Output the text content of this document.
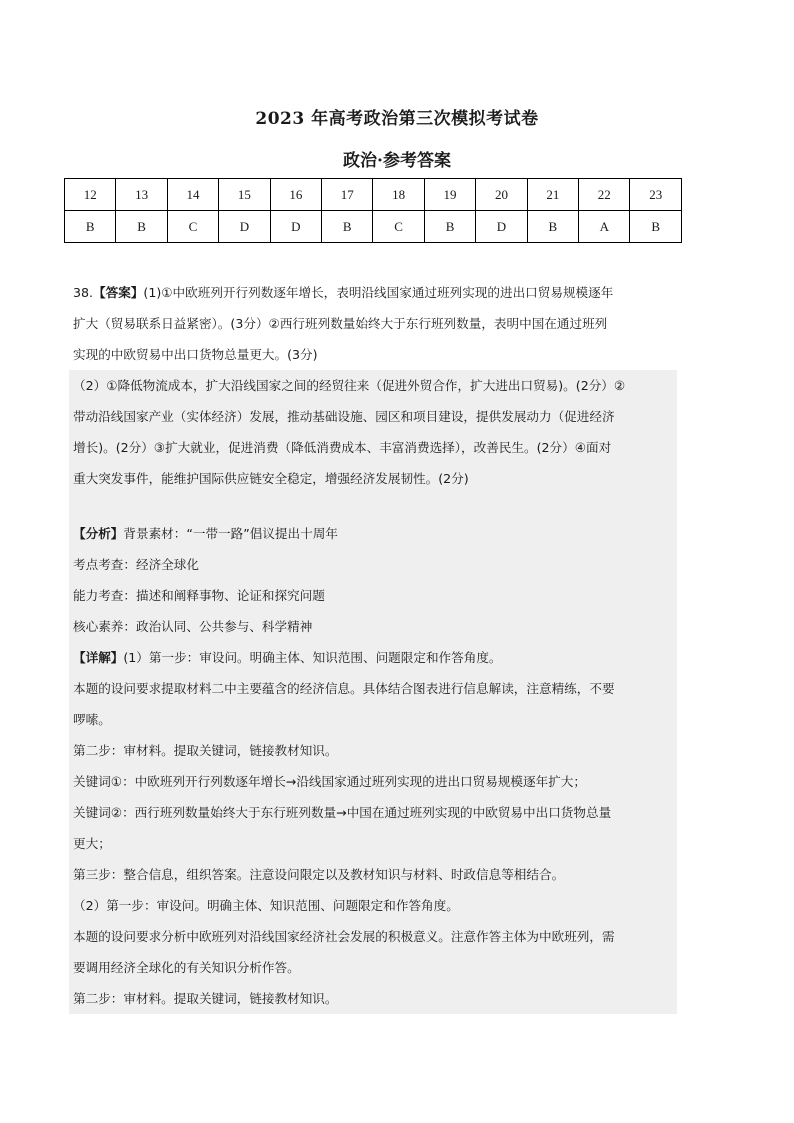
2023 年高考政治第三次模拟考试卷
政治·参考答案
12	13	14	15	16	17	18	19	20	21	22	23
B	B	C	D	D	B	C	B	D	B	A	B

38.【答案】(1)①中欧班列开行列数逐年增长，表明沿线国家通过班列实现的进出口贸易规模逐年

扩大（贸易联系日益紧密）。(3分）②西行班列数量始终大于东行班列数量，表明中国在通过班列

实现的中欧贸易中出口货物总量更大。(3分)

（2）①降低物流成本，扩大沿线国家之间的经贸往来（促进外贸合作，扩大进出口贸易)。(2分）②

带动沿线国家产业（实体经济）发展，推动基础设施、园区和项目建设，提供发展动力（促进经济

增长)。(2分）③扩大就业，促进消费（降低消费成本、丰富消费选择），改善民生。(2分）④面对

重大突发事件，能维护国际供应链安全稳定，增强经济发展韧性。(2分)

【分析】背景素材：“一带一路”倡议提出十周年

考点考查：经济全球化

能力考查：描述和阐释事物、论证和探究问题

核心素养：政治认同、公共参与、科学精神

【详解】(1）第一步：审设问。明确主体、知识范围、问题限定和作答角度。

本题的设问要求提取材料二中主要蕴含的经济信息。具体结合图表进行信息解读，注意精练，不要

啰嗦。

第二步：审材料。提取关键词，链接教材知识。

关键词①：中欧班列开行列数逐年增长→沿线国家通过班列实现的进出口贸易规模逐年扩大；

关键词②：西行班列数量始终大于东行班列数量→中国在通过班列实现的中欧贸易中出口货物总量

更大；

第三步：整合信息，组织答案。注意设问限定以及教材知识与材料、时政信息等相结合。

（2）第一步：审设问。明确主体、知识范围、问题限定和作答角度。

本题的设问要求分析中欧班列对沿线国家经济社会发展的积极意义。注意作答主体为中欧班列，需

要调用经济全球化的有关知识分析作答。

第二步：审材料。提取关键词，链接教材知识。
